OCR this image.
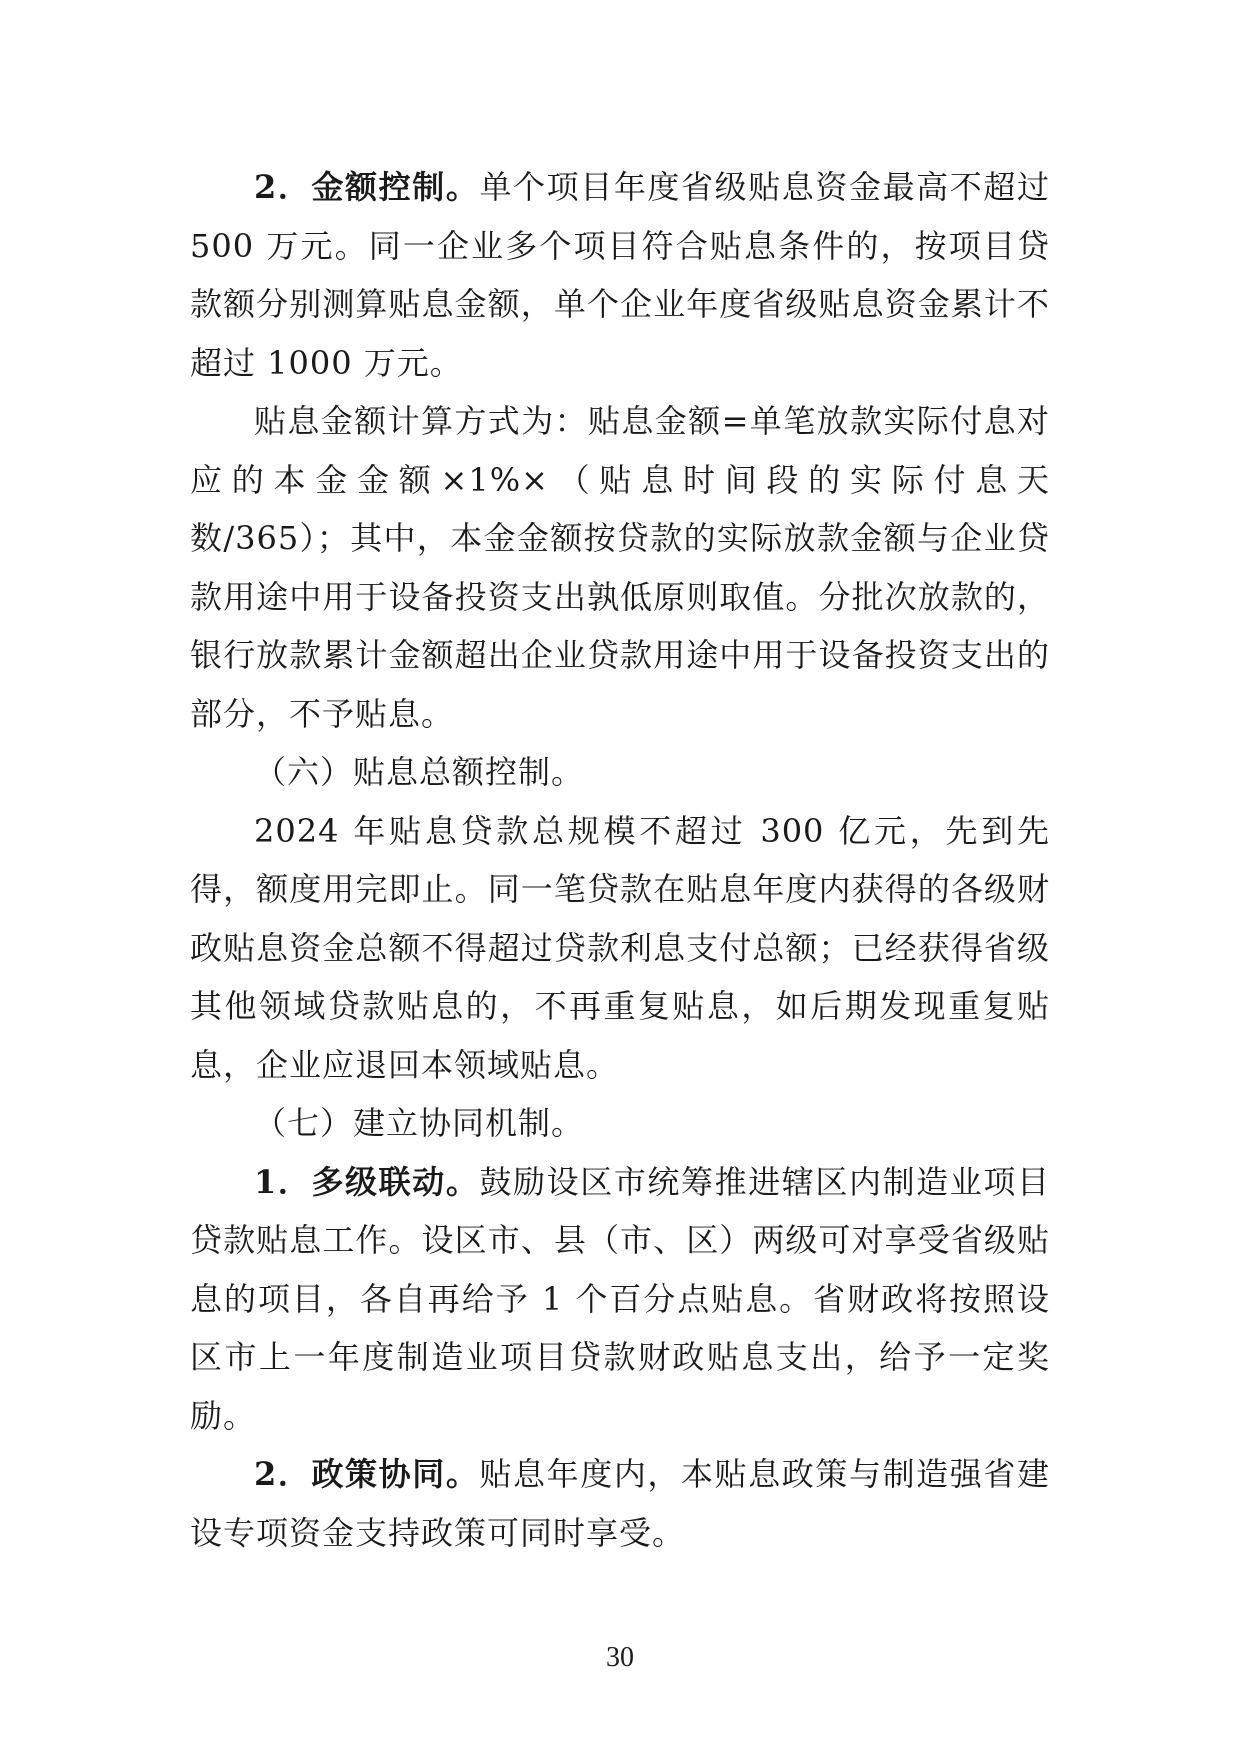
2．金额控制。单个项目年度省级贴息资金最高不超过 500 万元。同一企业多个项目符合贴息条件的，按项目贷款额分别测算贴息金额，单个企业年度省级贴息资金累计不超过 1000 万元。

贴息金额计算方式为：贴息金额=单笔放款实际付息对应的本金金额×1%×（贴息时间段的实际付息天数/365）；其中，本金金额按贷款的实际放款金额与企业贷款用途中用于设备投资支出孰低原则取值。分批次放款的，银行放款累计金额超出企业贷款用途中用于设备投资支出的部分，不予贴息。

（六）贴息总额控制。

2024 年贴息贷款总规模不超过 300 亿元，先到先得，额度用完即止。同一笔贷款在贴息年度内获得的各级财政贴息资金总额不得超过贷款利息支付总额；已经获得省级其他领域贷款贴息的，不再重复贴息，如后期发现重复贴息，企业应退回本领域贴息。

（七）建立协同机制。

1．多级联动。鼓励设区市统筹推进辖区内制造业项目贷款贴息工作。设区市、县（市、区）两级可对享受省级贴息的项目，各自再给予 1 个百分点贴息。省财政将按照设区市上一年度制造业项目贷款财政贴息支出，给予一定奖励。

2．政策协同。贴息年度内，本贴息政策与制造强省建设专项资金支持政策可同时享受。

30
